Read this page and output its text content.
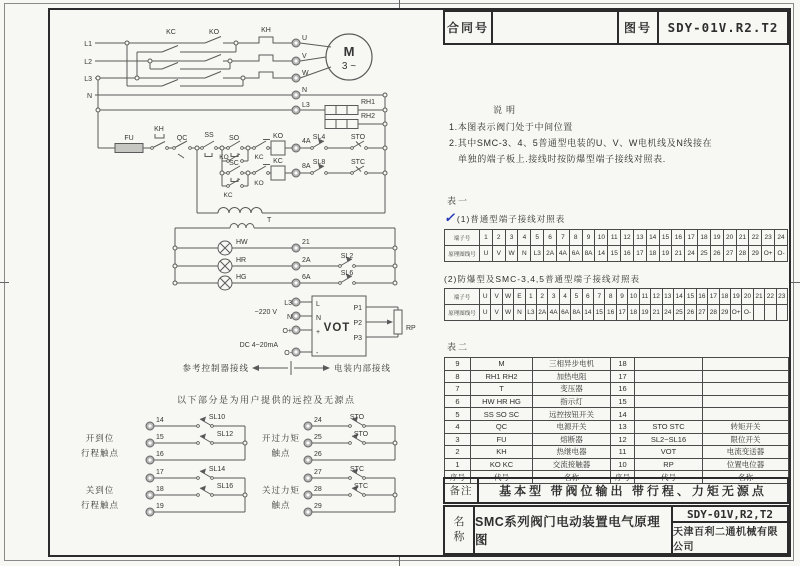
L1
L2
L3
N
KC	KO	KH
U
V
W
N
L3	RH1
RH2
M
3 ~
FU
KH
QC SS SO
KO	KC
KO
4A
SL4	STO
SC
KC
KO
KC
8A
SL8	STC
T
HW	21
HR	2A
SL2
HG	6A
SL6
L3
~220 V
N
O+
DC 4~20mA
O-
L
N
+
-
VOT
P1
P2
P3
RP
参考控制器接线	电装内部接线
以下部分是为用户提供的远控及无源点
开到位
行程触点
开过力矩
触点
关到位
行程触点
关过力矩
触点
14
15
16
17
18
19
24
25
26
27
28
29
SL10
SL12
SL14
SL16
STO
STO
STC
STC
合同号	图号	SDY-01V.R2.T2
说明
1.本图表示阀门处于中间位置
2.其中SMC-3、4、5普通型电装的U、V、W电机线及N线接在
单独的端子板上.接线时按防爆型端子接线对照表.
表一
✓(1)普通型端子接线对照表
端子号	1	2	3	4	5	6	7	8	9	10	11	12	13	14	15	16	17	18	19	20	21	22	23	24
原理图线号	U	V	W	N	L3	2A	4A	6A	8A	14	15	16	17	18	19	21	24	25	26	27	28	29	O+	O-
(2)防爆型及SMC-3,4,5普通型端子接线对照表
端子号	U	V	W	E	1	2	3	4	5	6	7	8	9	10	11	12	13	14	15	16	17	18	19	20	21	22	23
原理图线号	U	V	W	N	L3	2A	4A	6A	8A	14	15	16	17	18	19	21	24	25	26	27	28	29	O+	O-			
表二
9	M	三相异步电机	18		
8	RH1 RH2	加热电阻	17		
7	T	变压器	16		
6	HW HR HG	指示灯	15		
5	SS SO SC	远控按钮开关	14		
4	QC	电源开关	13	STO STC	转矩开关
3	FU	熔断器	12	SL2~SL16	限位开关
2	KH	热继电器	11	VOT	电流变送器
1	KO KC	交流接触器	10	RP	位置电位器
序号	代号	名称	序号	代号	名称
备注	基本型 带阀位输出 带行程、力矩无源点
名称
SMC系列阀门电动装置电气原理图
SDY-01V,R2,T2
天津百利二通机械有限公司
